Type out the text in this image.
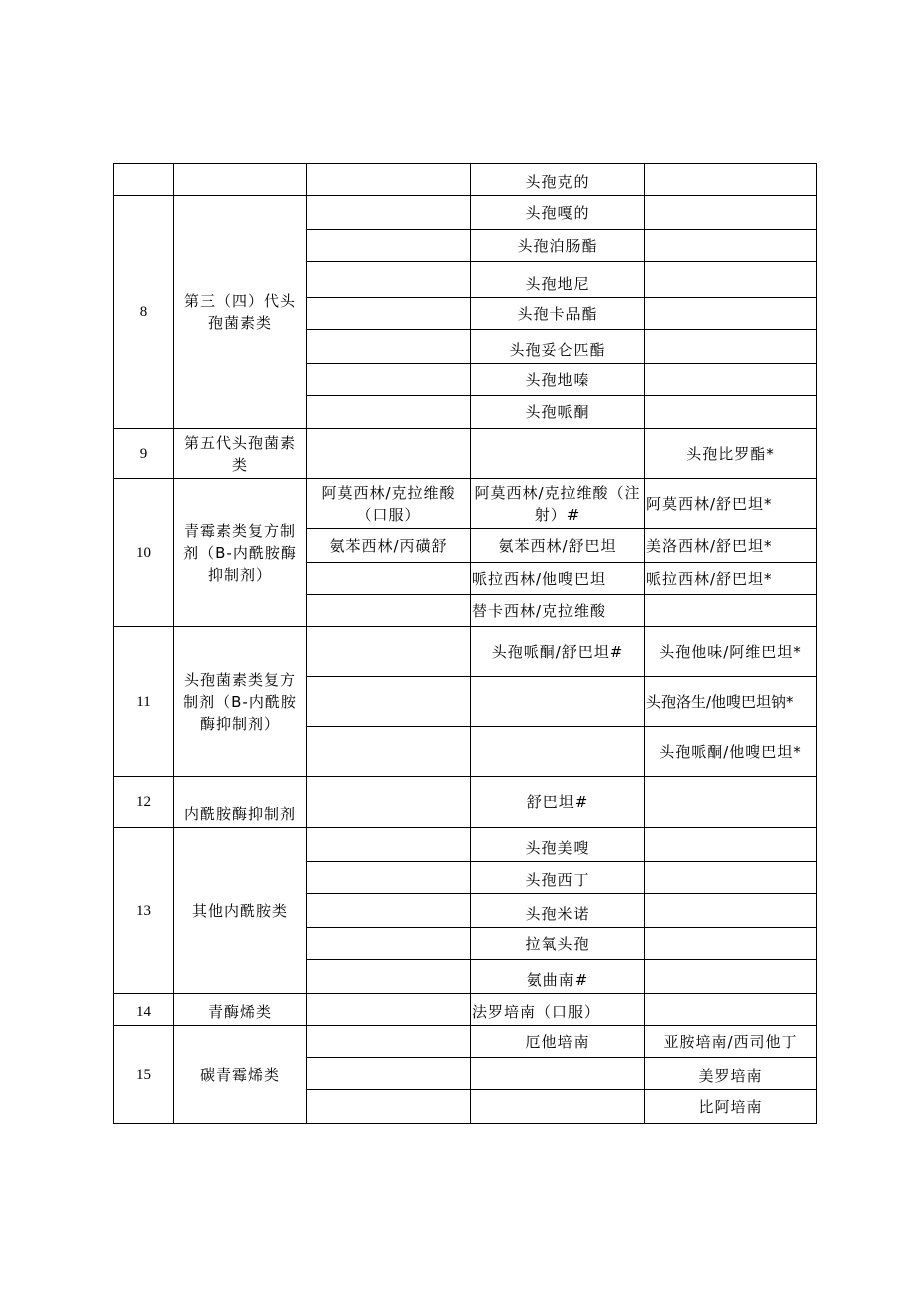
			头孢克的	
8	第三（四）代头孢菌素类		头孢嘎的	
			头孢泊肠酯	
			头孢地尼	
			头孢卡品酯	
			头孢妥仑匹酯	
			头孢地嗪	
			头孢哌酮	
9	第五代头孢菌素类			头孢比罗酯*
10	青霉素类复方制剂（B-内酰胺酶抑制剂）	阿莫西林/克拉维酸（口服）	阿莫西林/克拉维酸（注射）#	阿莫西林/舒巴坦*
		氨苯西林/丙磺舒	氨苯西林/舒巴坦	美洛西林/舒巴坦*
			哌拉西林/他嗖巴坦	哌拉西林/舒巴坦*
			替卡西林/克拉维酸	
11	头孢菌素类复方制剂（B-内酰胺酶抑制剂）		头孢哌酮/舒巴坦#	头孢他味/阿维巴坦*
				头孢洛生/他嗖巴坦钠*
				头孢哌酮/他嗖巴坦*
12	内酰胺酶抑制剂		舒巴坦#	
13	其他内酰胺类		头孢美嗖	
			头孢西丁	
			头孢米诺	
			拉氧头孢	
			氨曲南#	
14	青酶烯类		法罗培南（口服）	
15	碳青霉烯类		厄他培南	亚胺培南/西司他丁
				美罗培南
				比阿培南
